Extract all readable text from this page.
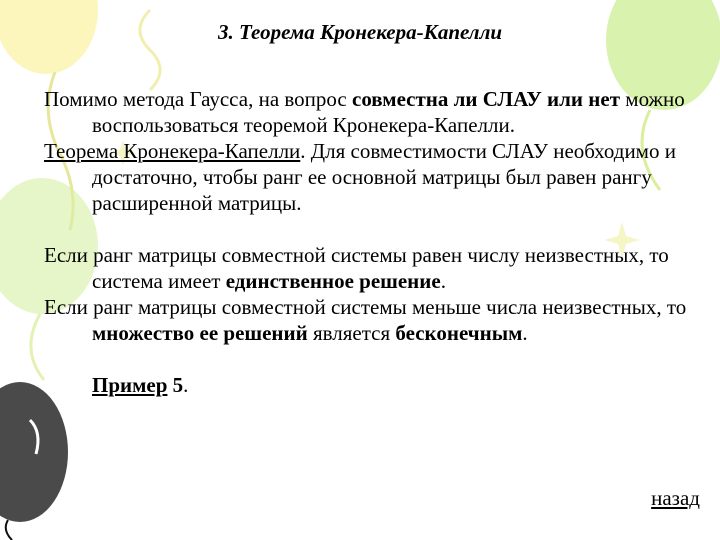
3. Теорема Кронекера-Капелли

Помимо метода Гаусса, на вопрос совместна ли СЛАУ или нет можно воспользоваться теоремой Кронекера-Капелли.

Теорема Кронекера-Капелли. Для совместимости СЛАУ необходимо и достаточно, чтобы ранг ее основной матрицы был равен рангу расширенной матрицы.

Если ранг матрицы совместной системы равен числу неизвестных, то система имеет единственное решение.

Если ранг матрицы совместной системы меньше числа неизвестных, то множество ее решений является бесконечным.

Пример 5.
назад
